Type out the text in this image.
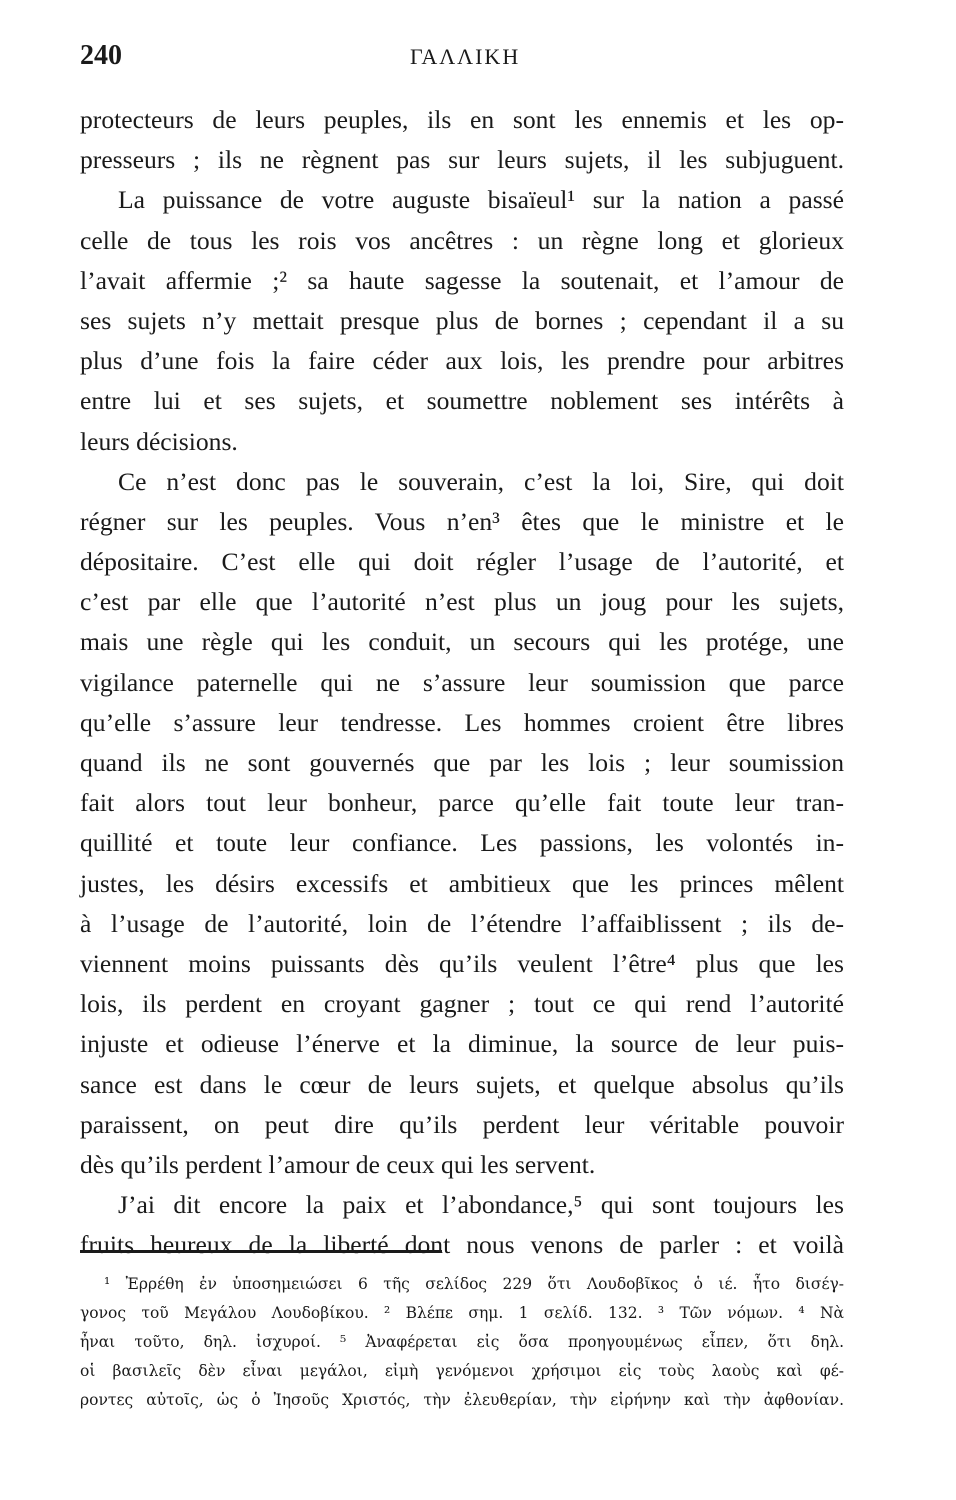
240	ΓΑΛΛΙΚΗ
protecteurs de leurs peuples, ils en sont les ennemis et les op-
presseurs ; ils ne règnent pas sur leurs sujets, il les subjuguent.
La puissance de votre auguste bisaïeul¹ sur la nation a passé
celle de tous les rois vos ancêtres : un règne long et glorieux
l’avait affermie ;² sa haute sagesse la soutenait, et l’amour de
ses sujets n’y mettait presque plus de bornes ; cependant il a su
plus d’une fois la faire céder aux lois, les prendre pour arbitres
entre lui et ses sujets, et soumettre noblement ses intérêts à
leurs décisions.
Ce n’est donc pas le souverain, c’est la loi, Sire, qui doit
régner sur les peuples. Vous n’en³ êtes que le ministre et le
dépositaire. C’est elle qui doit régler l’usage de l’autorité, et
c’est par elle que l’autorité n’est plus un joug pour les sujets,
mais une règle qui les conduit, un secours qui les protége, une
vigilance paternelle qui ne s’assure leur soumission que parce
qu’elle s’assure leur tendresse. Les hommes croient être libres
quand ils ne sont gouvernés que par les lois ; leur soumission
fait alors tout leur bonheur, parce qu’elle fait toute leur tran-
quillité et toute leur confiance. Les passions, les volontés in-
justes, les désirs excessifs et ambitieux que les princes mêlent
à l’usage de l’autorité, loin de l’étendre l’affaiblissent ; ils de-
viennent moins puissants dès qu’ils veulent l’être⁴ plus que les
lois, ils perdent en croyant gagner ; tout ce qui rend l’autorité
injuste et odieuse l’énerve et la diminue, la source de leur puis-
sance est dans le cœur de leurs sujets, et quelque absolus qu’ils
paraissent, on peut dire qu’ils perdent leur véritable pouvoir
dès qu’ils perdent l’amour de ceux qui les servent.
J’ai dit encore la paix et l’abondance,⁵ qui sont toujours les
fruits heureux de la liberté dont nous venons de parler : et voilà
¹ Ἐρρέθη ἐν ὑποσημειώσει 6 τῆς σελίδος 229 ὅτι Λουδοβῖκος ὁ ιέ. ἦτο δισέγ-
γονος τοῦ Μεγάλου Λουδοβίκου. ² Βλέπε σημ. 1 σελίδ. 132. ³ Τῶν νόμων. ⁴ Νὰ
ἦναι τοῦτο, δηλ. ἰσχυροί. ⁵ Ἀναφέρεται εἰς ὅσα προηγουμένως εἶπεν, ὅτι δηλ.
οἱ βασιλεῖς δὲν εἶναι μεγάλοι, εἰμὴ γενόμενοι χρήσιμοι εἰς τοὺς λαοὺς καὶ φέ-
ροντες αὐτοῖς, ὡς ὁ Ἰησοῦς Χριστός, τὴν ἐλευθερίαν, τὴν εἰρήνην καὶ τὴν ἀφθονίαν.
